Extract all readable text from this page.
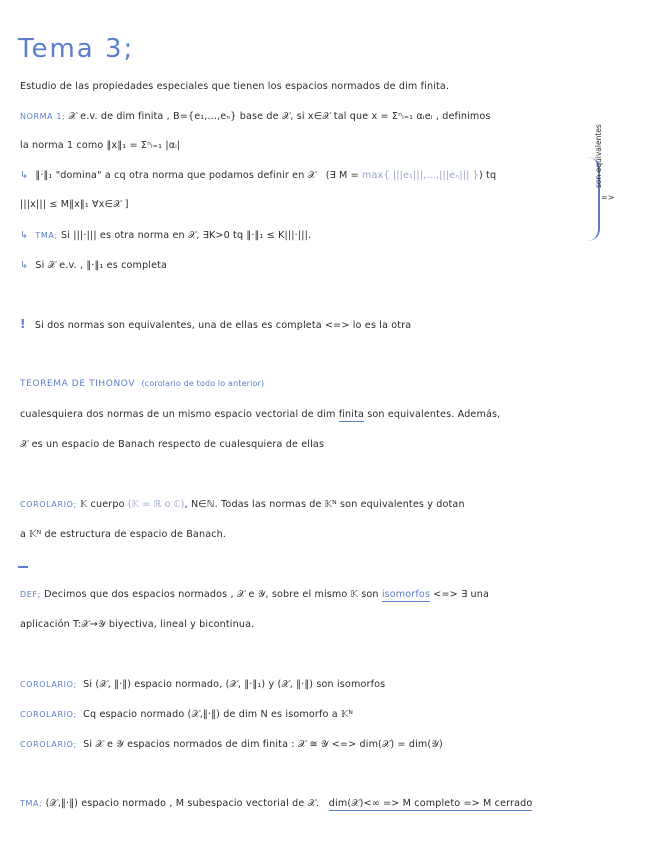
Tema 3;
Estudio de las propiedades especiales que tienen los espacios normados de dim finita.
NORMA 1; 𝒳 e.v. de dim finita , B={e₁,...,eₙ} base de 𝒳, si x∈𝒳 tal que x = Σⁿᵢ₌₁ αᵢeᵢ , definimos
la norma 1 como ‖x‖₁ = Σⁿᵢ₌₁ |αᵢ|
↳ ‖·‖₁ "domina" a cq otra norma que podamos definir en 𝒳 (∃ M = max{ |||e₁|||,...,|||eₙ||| }) tq
|||x||| ≤ M‖x‖₁ ∀x∈𝒳 ]
=>
son equivalentes
↳ TMA; Si |||·||| es otra norma en 𝒳, ∃K>0 tq ‖·‖₁ ≤ K|||·|||.
↳ Si 𝒳 e.v. , ‖·‖₁ es completa
! Si dos normas son equivalentes, una de ellas es completa <=> lo es la otra
TEOREMA DE TIHONOV (corolario de todo lo anterior)
cualesquiera dos normas de un mismo espacio vectorial de dim finita son equivalentes. Además,
𝒳 es un espacio de Banach respecto de cualesquiera de ellas
COROLARIO; 𝕂 cuerpo (𝕂 = ℝ o ℂ), N∈ℕ. Todas las normas de 𝕂ᴺ son equivalentes y dotan
a 𝕂ᴺ de estructura de espacio de Banach.
DEF; Decimos que dos espacios normados , 𝒳 e 𝒴, sobre el mismo 𝕂 son isomorfos <=> ∃ una
aplicación T:𝒳→𝒴 biyectiva, lineal y bicontinua.
COROLARIO; Si (𝒳, ‖·‖) espacio normado, (𝒳, ‖·‖₁) y (𝒳, ‖·‖) son isomorfos
COROLARIO; Cq espacio normado (𝒳,‖·‖) de dim N es isomorfo a 𝕂ᴺ
COROLARIO; Si 𝒳 e 𝒴 espacios normados de dim finita : 𝒳 ≅ 𝒴 <=> dim(𝒳) = dim(𝒴)
TMA; (𝒳,‖·‖) espacio normado , M subespacio vectorial de 𝒳. dim(𝒳)<∞ => M completo => M cerrado
